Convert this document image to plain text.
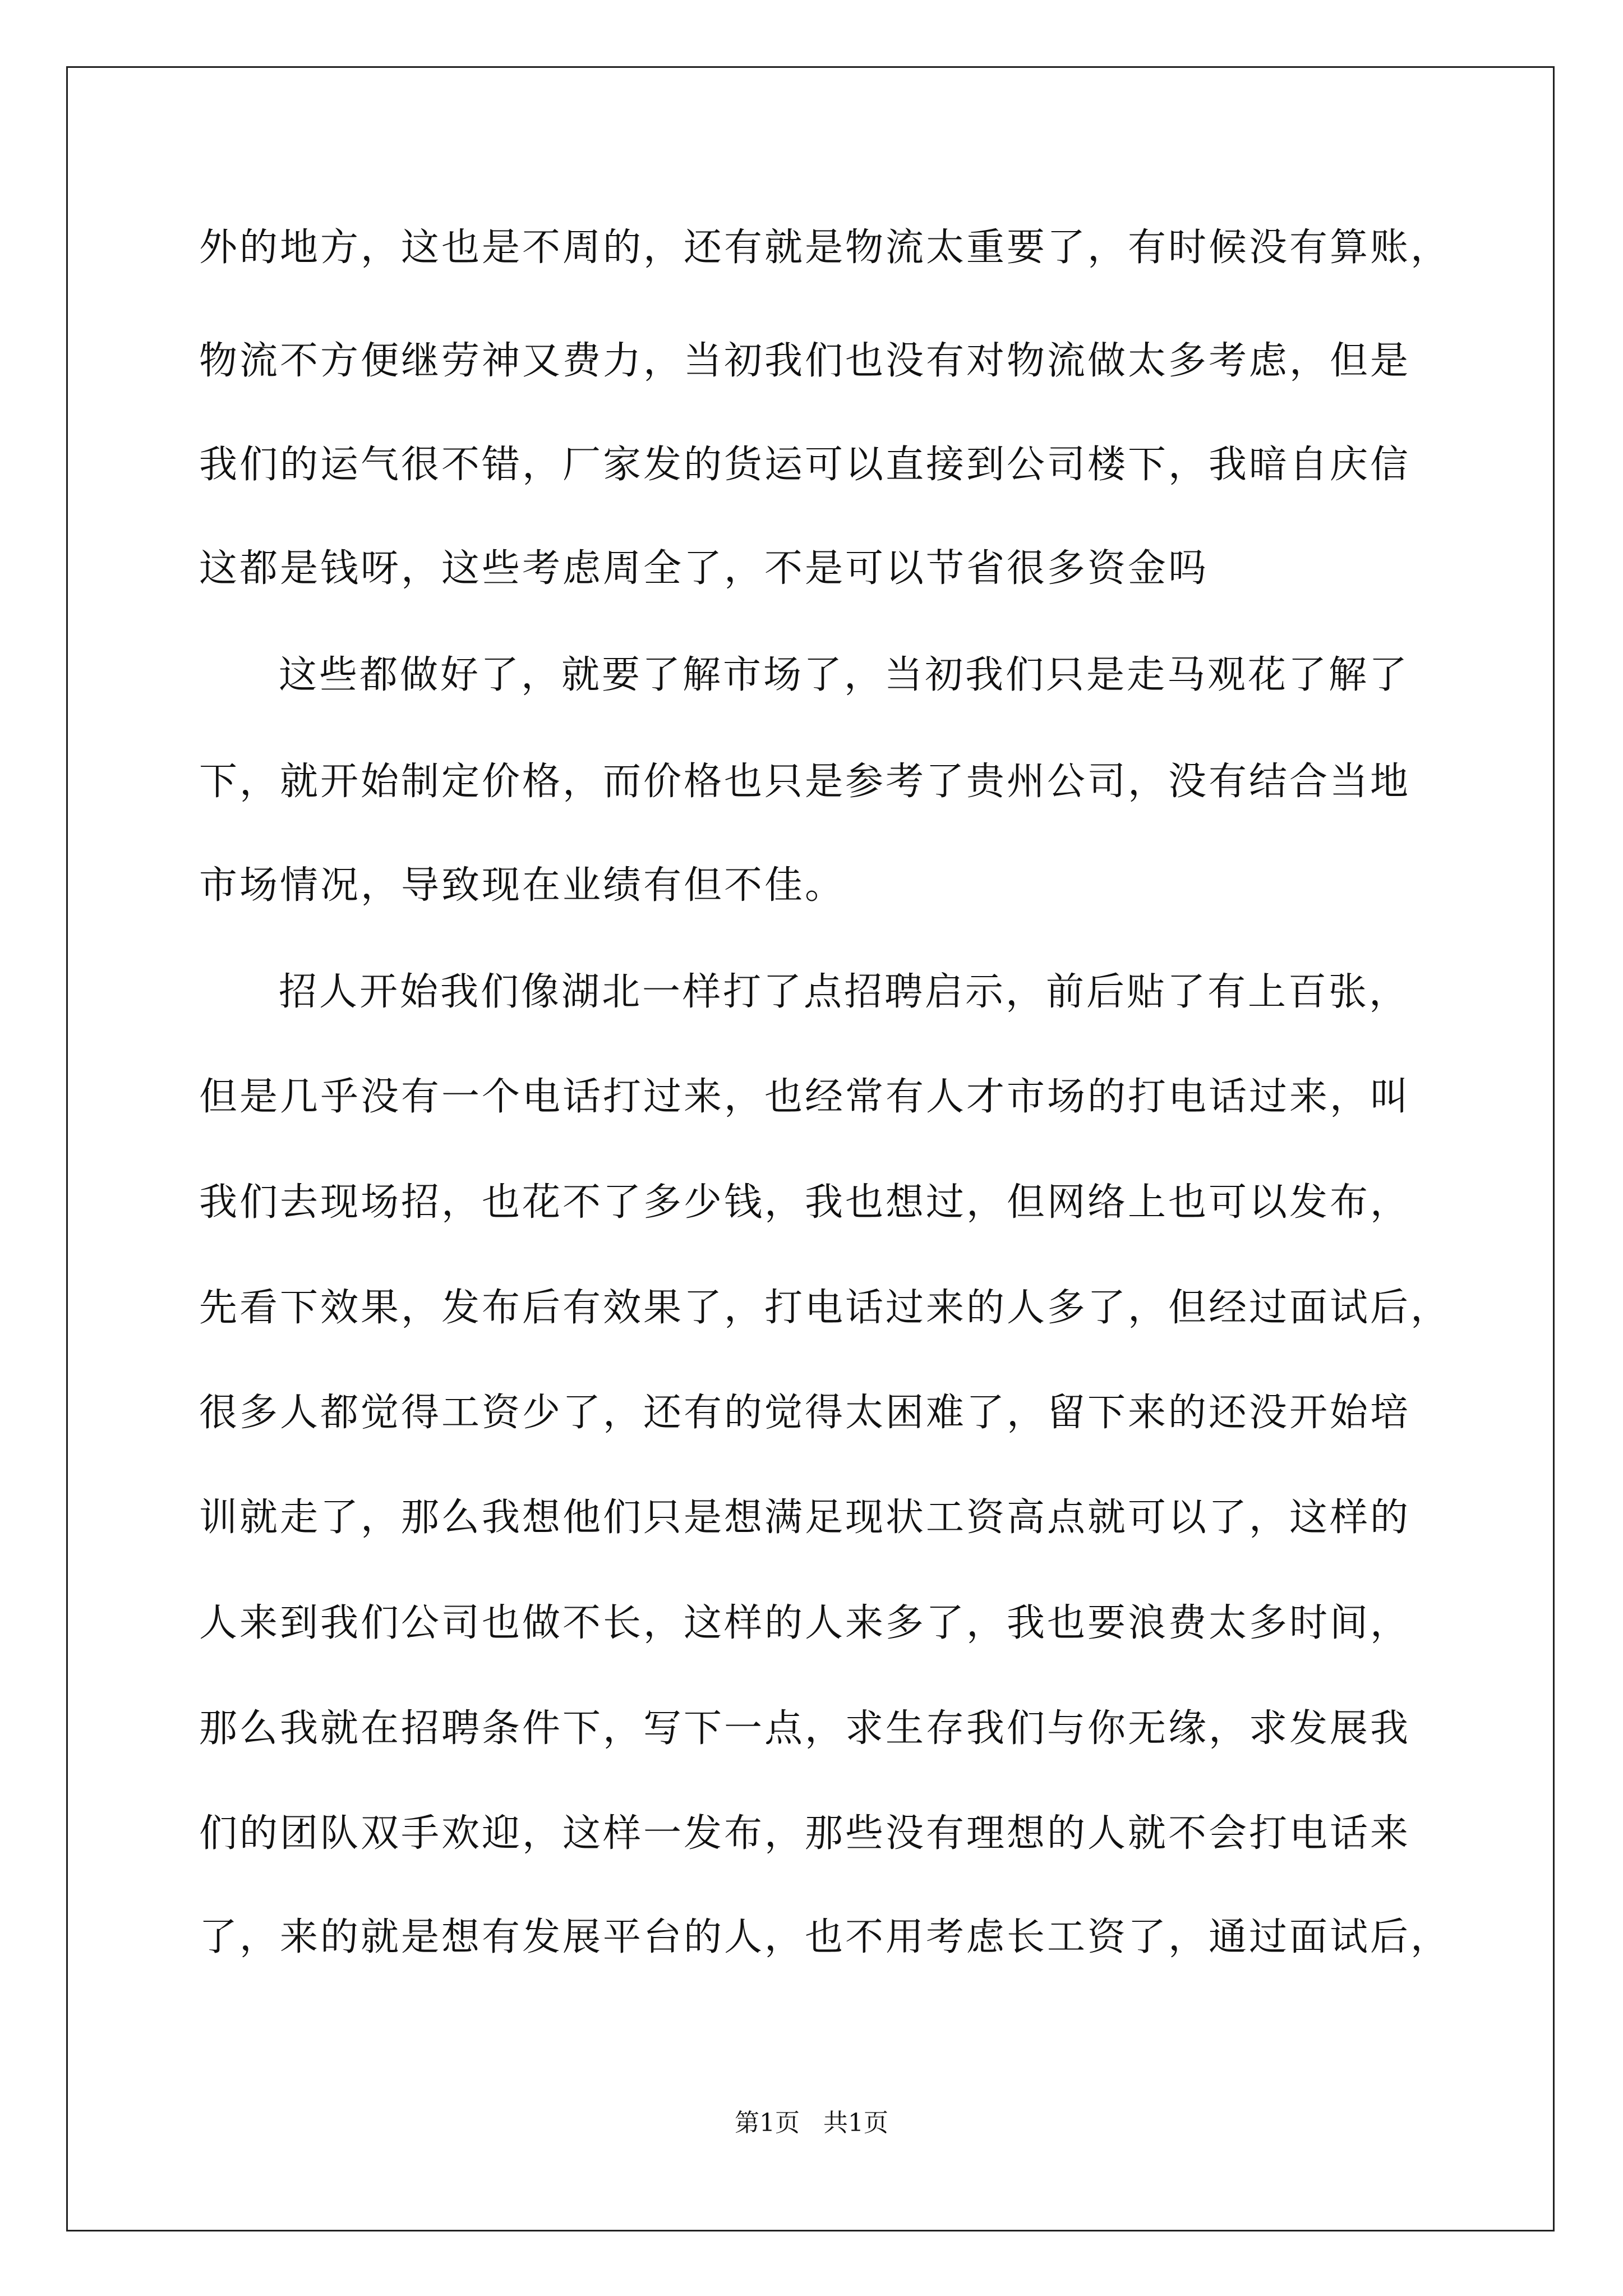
外的地方，这也是不周的，还有就是物流太重要了，有时候没有算账，

物流不方便继劳神又费力，当初我们也没有对物流做太多考虑，但是

我们的运气很不错，厂家发的货运可以直接到公司楼下，我暗自庆信

这都是钱呀，这些考虑周全了，不是可以节省很多资金吗

这些都做好了，就要了解市场了，当初我们只是走马观花了解了

下，就开始制定价格，而价格也只是参考了贵州公司，没有结合当地

市场情况，导致现在业绩有但不佳。

招人开始我们像湖北一样打了点招聘启示，前后贴了有上百张，

但是几乎没有一个电话打过来，也经常有人才市场的打电话过来，叫

我们去现场招，也花不了多少钱，我也想过，但网络上也可以发布，

先看下效果，发布后有效果了，打电话过来的人多了，但经过面试后，

很多人都觉得工资少了，还有的觉得太困难了，留下来的还没开始培

训就走了，那么我想他们只是想满足现状工资高点就可以了，这样的

人来到我们公司也做不长，这样的人来多了，我也要浪费太多时间，

那么我就在招聘条件下，写下一点，求生存我们与你无缘，求发展我

们的团队双手欢迎，这样一发布，那些没有理想的人就不会打电话来

了，来的就是想有发展平台的人，也不用考虑长工资了，通过面试后，

第1页   共1页
